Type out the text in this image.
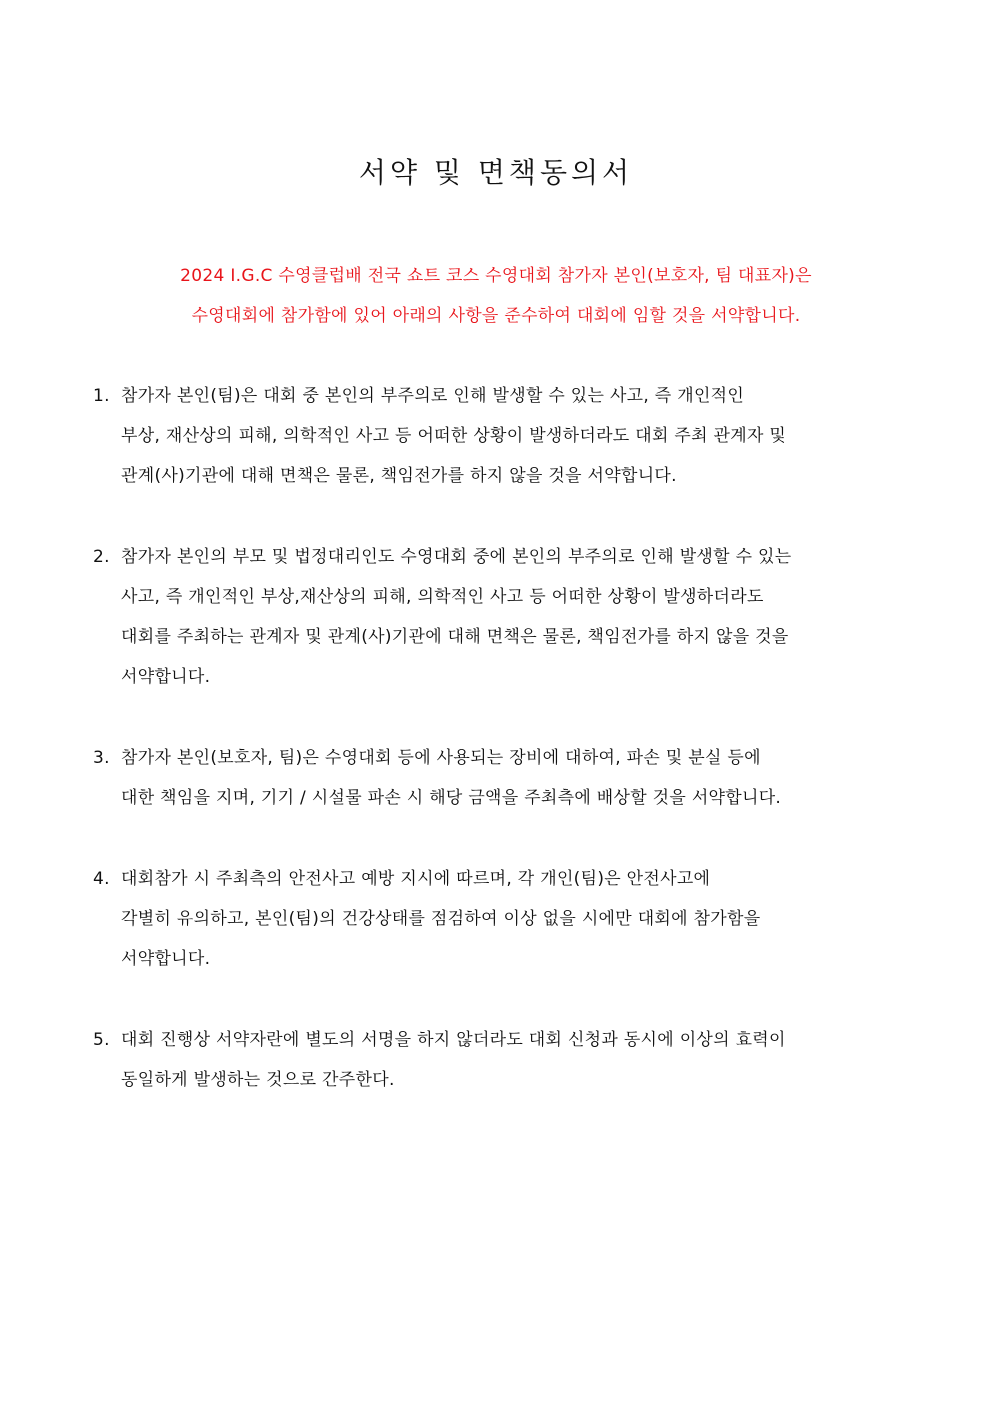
서약 및 면책동의서
2024 I.G.C 수영클럽배 전국 쇼트 코스 수영대회 참가자 본인(보호자, 팀 대표자)은
수영대회에 참가함에 있어 아래의 사항을 준수하여 대회에 임할 것을 서약합니다.
1. 참가자 본인(팀)은 대회 중 본인의 부주의로 인해 발생할 수 있는 사고, 즉 개인적인
부상, 재산상의 피해, 의학적인 사고 등 어떠한 상황이 발생하더라도 대회 주최 관계자 및
관계(사)기관에 대해 면책은 물론, 책임전가를 하지 않을 것을 서약합니다.
2. 참가자 본인의 부모 및 법정대리인도 수영대회 중에 본인의 부주의로 인해 발생할 수 있는
사고, 즉 개인적인 부상,재산상의 피해, 의학적인 사고 등 어떠한 상황이 발생하더라도
대회를 주최하는 관계자 및 관계(사)기관에 대해 면책은 물론, 책임전가를 하지 않을 것을
서약합니다.
3. 참가자 본인(보호자, 팀)은 수영대회 등에 사용되는 장비에 대하여, 파손 및 분실 등에
대한 책임을 지며, 기기 / 시설물 파손 시 해당 금액을 주최측에 배상할 것을 서약합니다.
4. 대회참가 시 주최측의 안전사고 예방 지시에 따르며, 각 개인(팀)은 안전사고에
각별히 유의하고, 본인(팀)의 건강상태를 점검하여 이상 없을 시에만 대회에 참가함을
서약합니다.
5. 대회 진행상 서약자란에 별도의 서명을 하지 않더라도 대회 신청과 동시에 이상의 효력이
동일하게 발생하는 것으로 간주한다.
